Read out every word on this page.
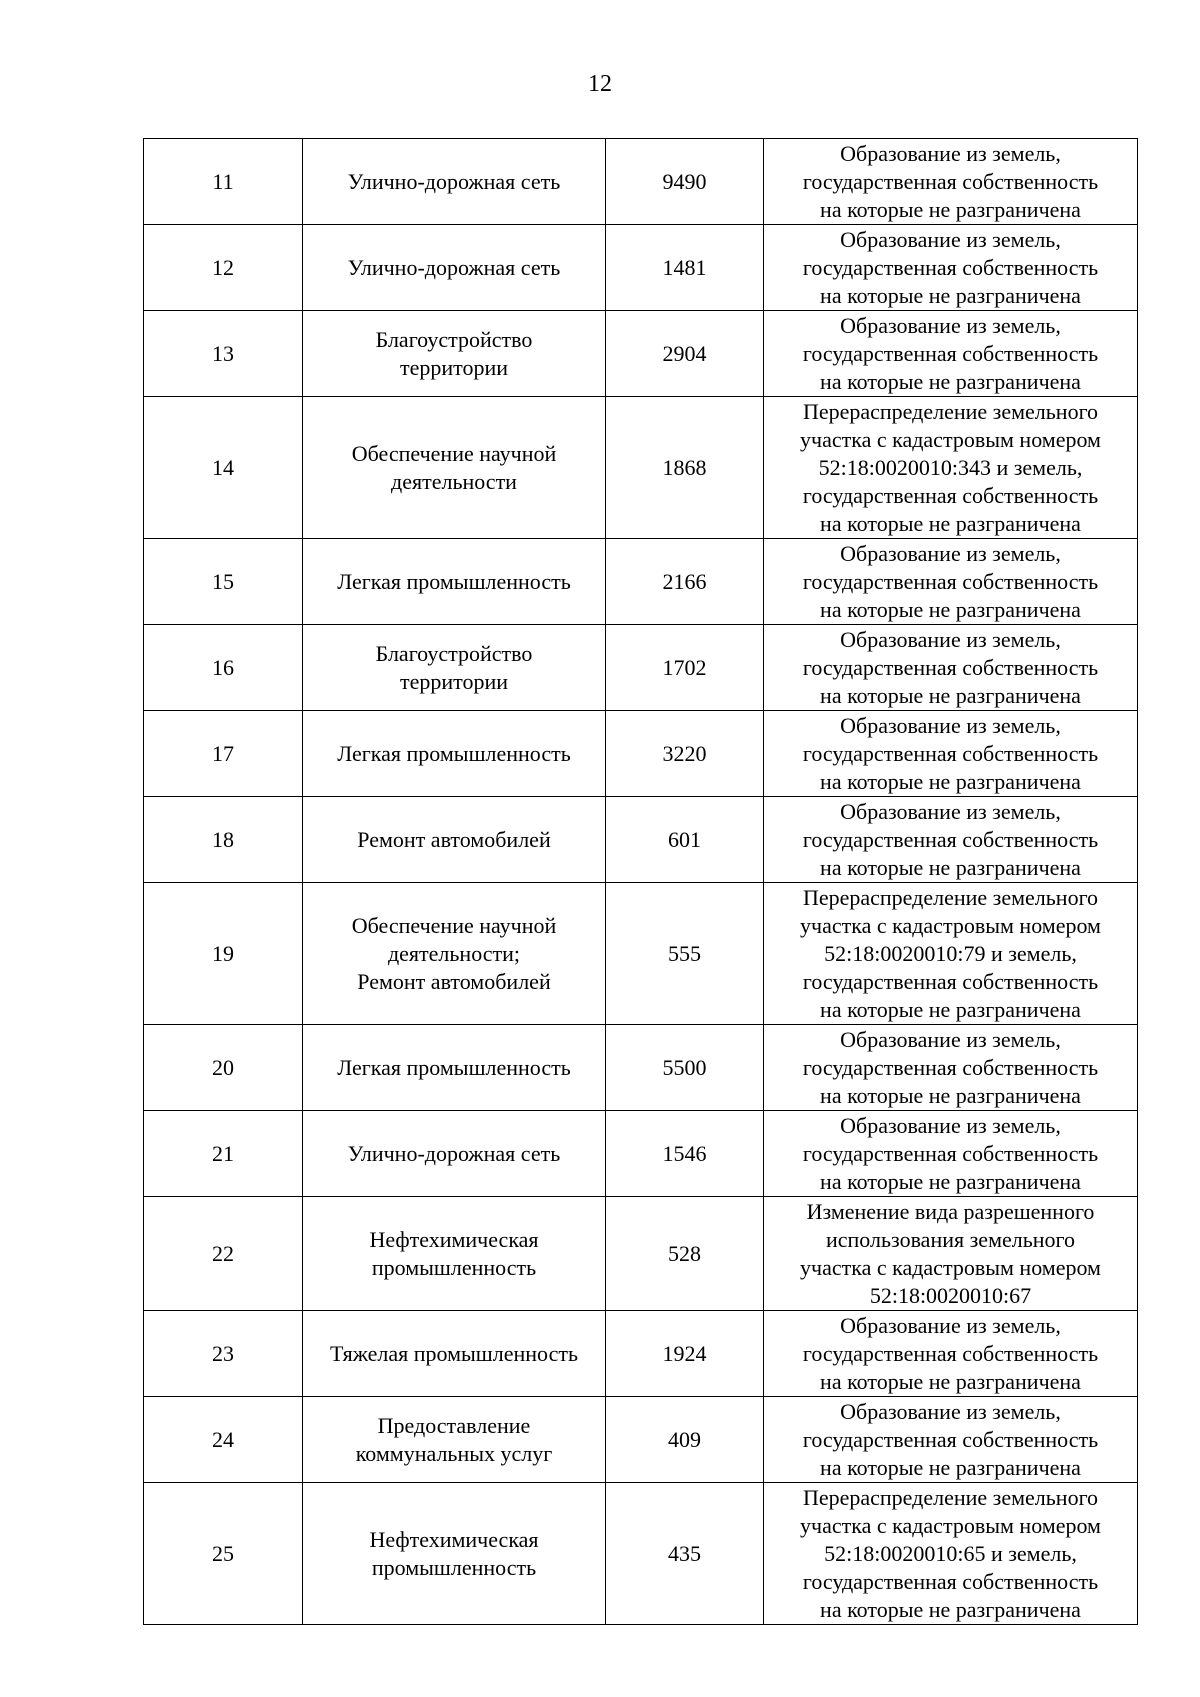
12
11	Улично-дорожная сеть	9490	Образование из земель,
государственная собственность
на которые не разграничена
12	Улично-дорожная сеть	1481	Образование из земель,
государственная собственность
на которые не разграничена
13	Благоустройство
территории	2904	Образование из земель,
государственная собственность
на которые не разграничена
14	Обеспечение научной
деятельности	1868	Перераспределение земельного
участка с кадастровым номером
52:18:0020010:343 и земель,
государственная собственность
на которые не разграничена
15	Легкая промышленность	2166	Образование из земель,
государственная собственность
на которые не разграничена
16	Благоустройство
территории	1702	Образование из земель,
государственная собственность
на которые не разграничена
17	Легкая промышленность	3220	Образование из земель,
государственная собственность
на которые не разграничена
18	Ремонт автомобилей	601	Образование из земель,
государственная собственность
на которые не разграничена
19	Обеспечение научной
деятельности;
Ремонт автомобилей	555	Перераспределение земельного
участка с кадастровым номером
52:18:0020010:79 и земель,
государственная собственность
на которые не разграничена
20	Легкая промышленность	5500	Образование из земель,
государственная собственность
на которые не разграничена
21	Улично-дорожная сеть	1546	Образование из земель,
государственная собственность
на которые не разграничена
22	Нефтехимическая
промышленность	528	Изменение вида разрешенного
использования земельного
участка с кадастровым номером
52:18:0020010:67
23	Тяжелая промышленность	1924	Образование из земель,
государственная собственность
на которые не разграничена
24	Предоставление
коммунальных услуг	409	Образование из земель,
государственная собственность
на которые не разграничена
25	Нефтехимическая
промышленность	435	Перераспределение земельного
участка с кадастровым номером
52:18:0020010:65 и земель,
государственная собственность
на которые не разграничена
